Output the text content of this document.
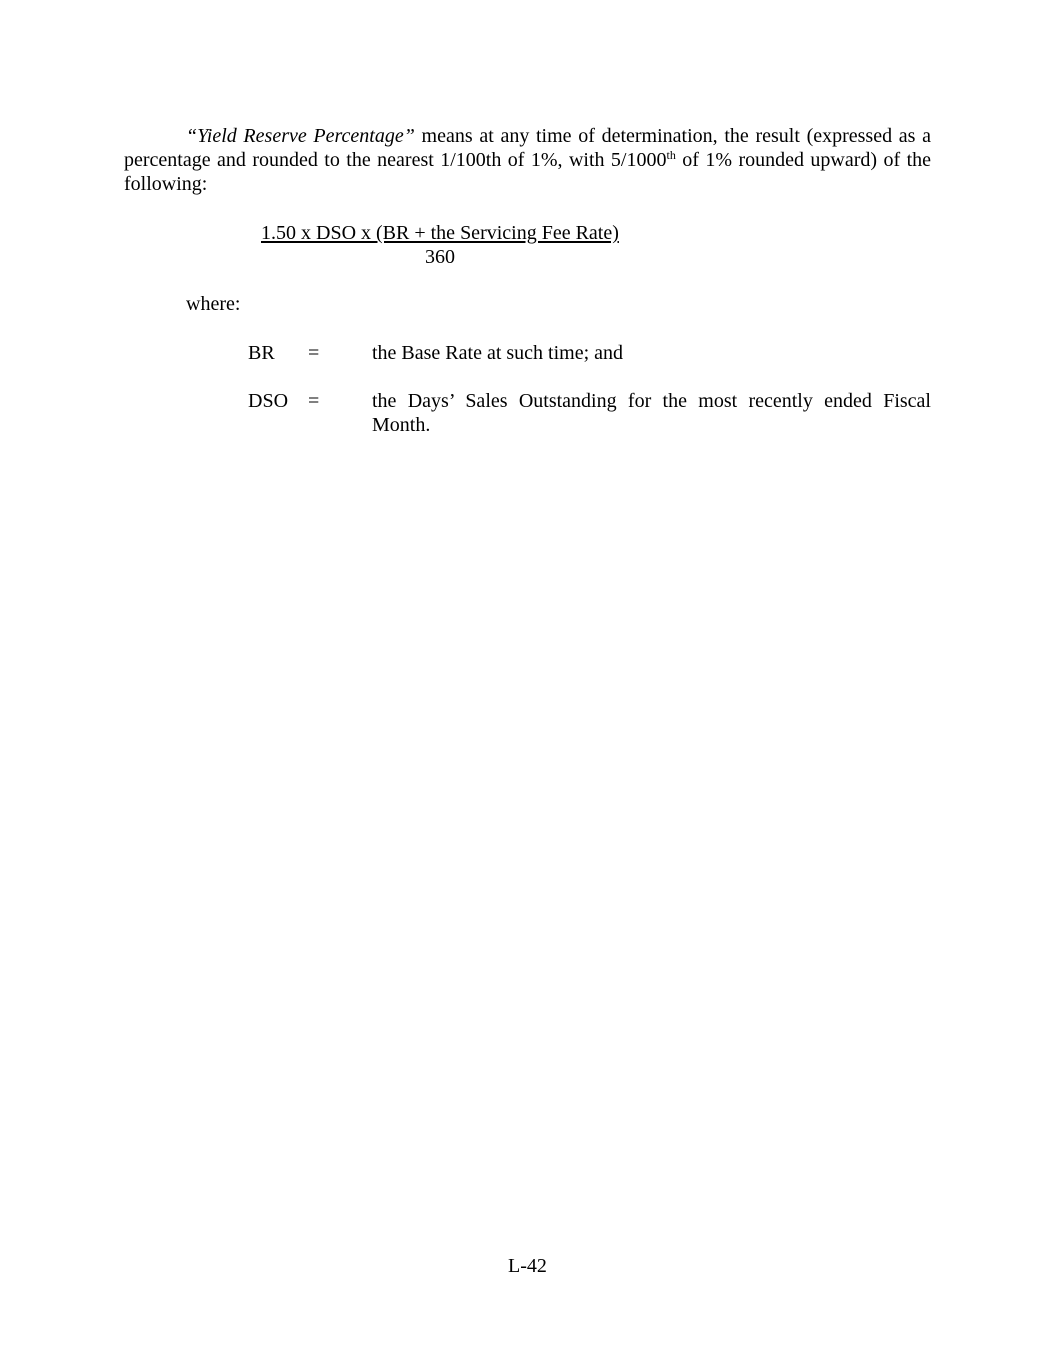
“Yield Reserve Percentage” means at any time of determination, the result (expressed as a percentage and rounded to the nearest 1/100th of 1%, with 5/1000th of 1% rounded upward) of the following:

1.50 x DSO x (BR + the Servicing Fee Rate)
360

where:

BR =	the Base Rate at such time; and
DSO =	the Days’ Sales Outstanding for the most recently ended Fiscal Month.
L-42
